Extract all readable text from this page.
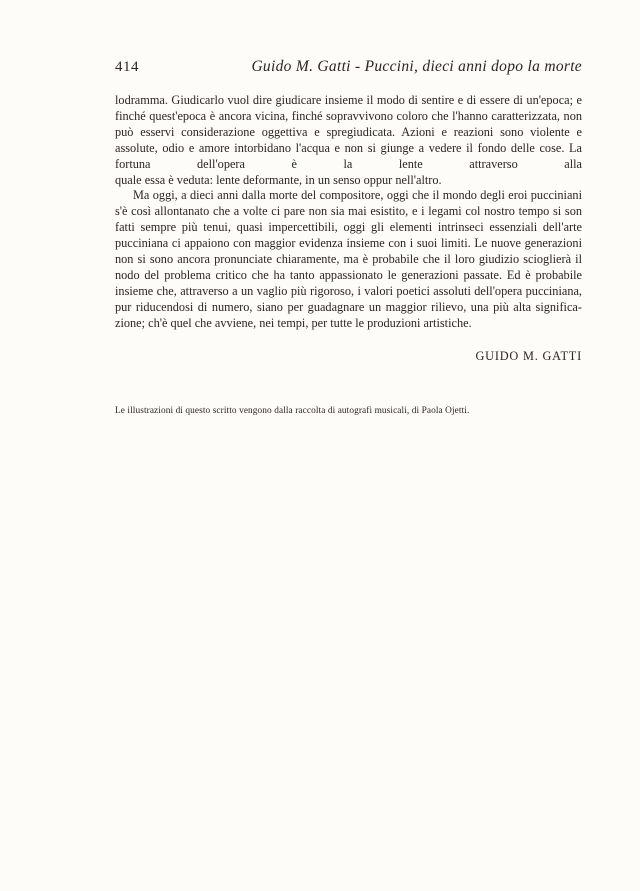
414	Guido M. Gatti - Puccini, dieci anni dopo la morte

lodramma. Giudicarlo vuol dire giudicare insieme il modo di sentire e di essere di un'epoca; e finché quest'epoca è ancora vicina, finché sopravvivono coloro che l'hanno caratterizzata, non può esservi considerazione oggettiva e spregiudicata. Azioni e reazioni sono violente e assolute, odio e amore intorbidano l'acqua e non si giunge a vedere il fondo delle cose. La fortuna dell'opera è la lente attraverso alla

quale essa è veduta: lente deformante, in un senso oppur nell'altro.

Ma oggi, a dieci anni dalla morte del compositore, oggi che il mondo degli eroi pucciniani s'è così allontanato che a volte ci pare non sia mai esistito, e i legami col nostro tempo si son fatti sempre più tenui, quasi impercettibili, oggi gli elementi intrinseci essenziali dell'arte pucciniana ci appaiono con maggior evidenza insieme con i suoi limiti. Le nuove generazioni non si sono ancora pronunciate chiaramente, ma è probabile che il loro giudizio scioglierà il nodo del problema critico che ha tanto appassionato le generazioni passate. Ed è probabile insieme che, attraverso a un vaglio più rigoroso, i valori poetici assoluti dell'opera pucciniana, pur riducendosi di numero, siano per guadagnare un maggior rilievo, una più alta significa-

zione; ch'è quel che avviene, nei tempi, per tutte le produzioni artistiche.

GUIDO M. GATTI
Le illustrazioni di questo scritto vengono dalla raccolta di autografi musicali, di Paola Ojetti.
